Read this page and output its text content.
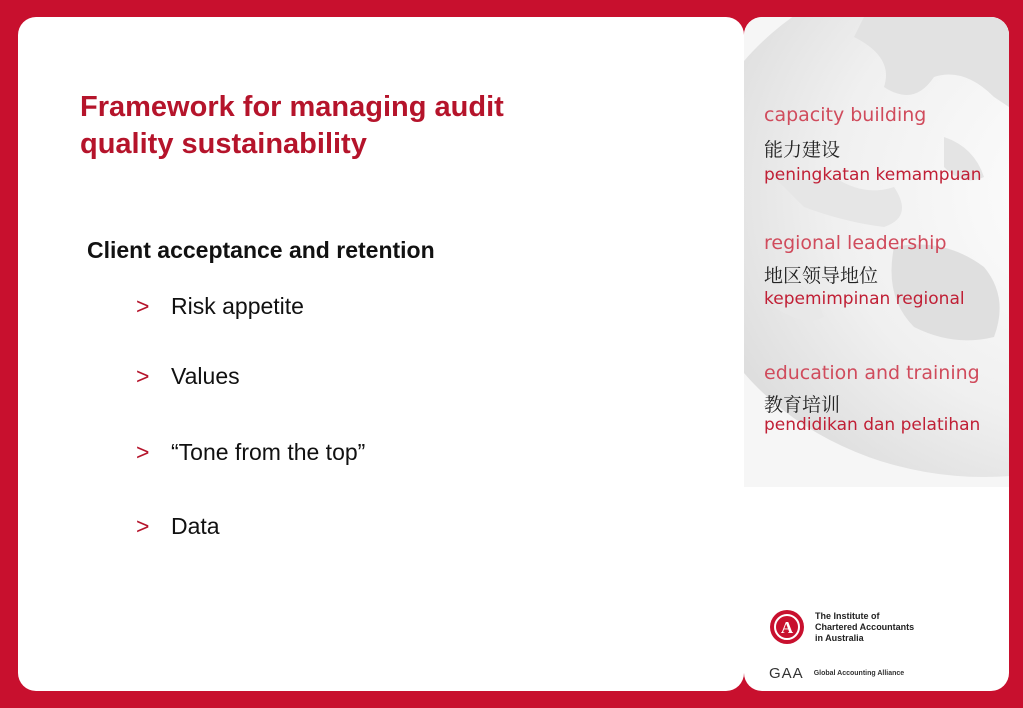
Framework for managing audit
quality sustainability
Client acceptance and retention
> Risk appetite
> Values
> “Tone from the top”
> Data
capacity building
能力建设
peningkatan kemampuan
regional leadership
地区领导地位
kepemimpinan regional
education and training
教育培训
pendidikan dan pelatihan
A
The Institute of
Chartered Accountants
in Australia
GAA Global Accounting Alliance
